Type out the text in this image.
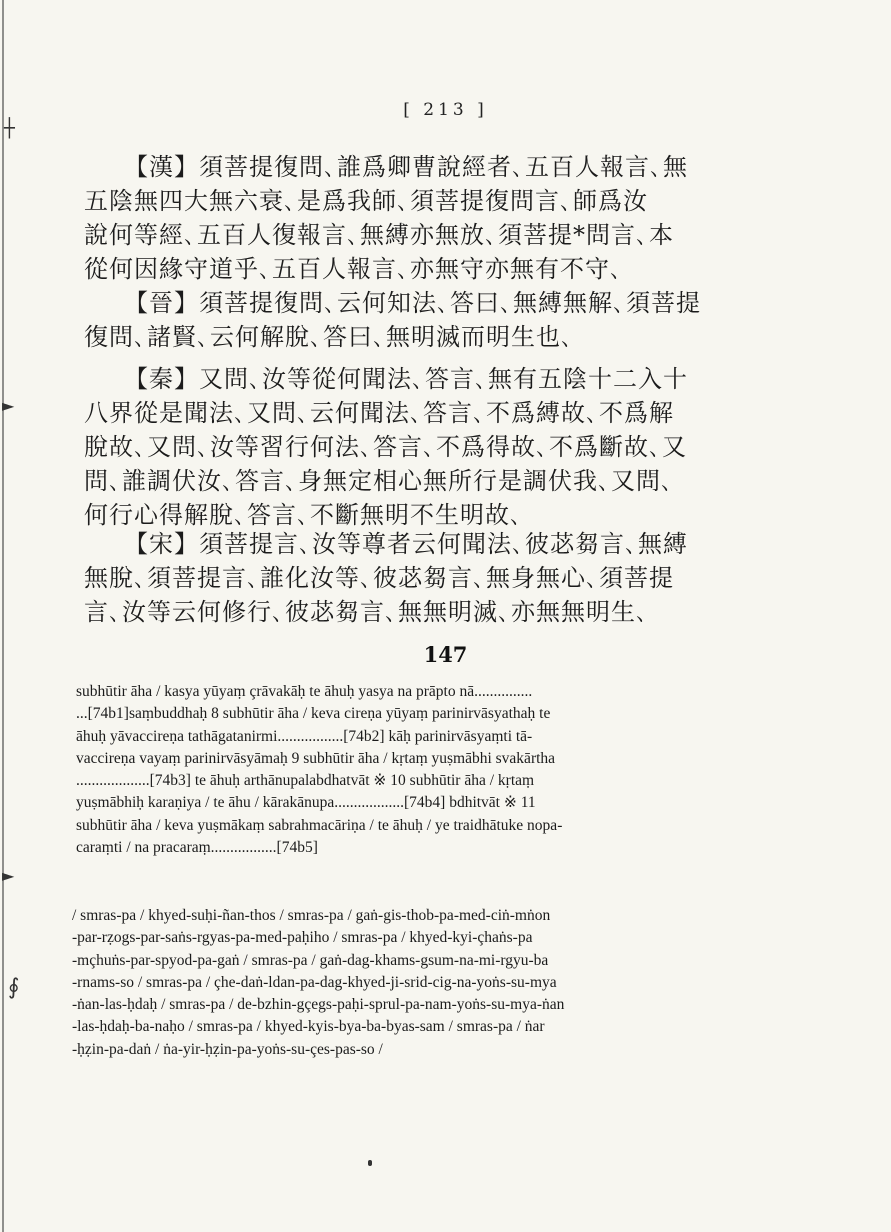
[ 213 ]
【漢】須菩提復問､誰爲卿曹說經者､五百人報言､無
五陰無四大無六衰､是爲我師､須菩提復問言､師爲汝
說何等經､五百人復報言､無縛亦無放､須菩提*問言､本
從何因緣守道乎､五百人報言､亦無守亦無有不守､
【晉】須菩提復問､云何知法､答曰､無縛無解､須菩提
復問､諸賢､云何解脫､答曰､無明滅而明生也､
【秦】又問､汝等從何聞法､答言､無有五陰十二入十
八界從是聞法､又問､云何聞法､答言､不爲縛故､不爲解
脫故､又問､汝等習行何法､答言､不爲得故､不爲斷故､又
問､誰調伏汝､答言､身無定相心無所行是調伏我､又問､
何行心得解脫､答言､不斷無明不生明故､
【宋】須菩提言､汝等尊者云何聞法､彼苾芻言､無縛
無脫､須菩提言､誰化汝等､彼苾芻言､無身無心､須菩提
言､汝等云何修行､彼苾芻言､無無明滅､亦無無明生､
147
subhūtir āha / kasya yūyaṃ çrāvakāḥ te āhuḥ yasya na prāpto nā...............
...[74b1]saṃbuddhaḥ 8 subhūtir āha / keva cireṇa yūyaṃ parinirvāsyathaḥ te
āhuḥ yāvaccireṇa tathāgatanirmi.................[74b2] kāḥ parinirvāsyaṃti tā-
vaccireṇa vayaṃ parinirvāsyāmaḥ 9 subhūtir āha / kṛtaṃ yuṣmābhi svakārtha
...................[74b3] te āhuḥ arthānupalabdhatvāt ※ 10 subhūtir āha / kṛtaṃ
yuṣmābhiḥ karaṇiya / te āhu / kārakānupa..................[74b4] bdhitvāt ※ 11
subhūtir āha / keva yuṣmākaṃ sabrahmacāriṇa / te āhuḥ / ye traidhātuke nopa-
caraṃti / na pracaraṃ.................[74b5]
/ smras-pa / khyed-suḥi-ñan-thos / smras-pa / gaṅ-gis-thob-pa-med-ciṅ-mṅon
-par-rẓogs-par-saṅs-rgyas-pa-med-paḥiho / smras-pa / khyed-kyi-çhaṅs-pa
-mçhuṅs-par-spyod-pa-gaṅ / smras-pa / gaṅ-dag-khams-gsum-na-mi-rgyu-ba
-rnams-so / smras-pa / çhe-daṅ-ldan-pa-dag-khyed-ji-srid-cig-na-yoṅs-su-mya
-ṅan-las-ḥdaḥ / smras-pa / de-bzhin-gçegs-paḥi-sprul-pa-nam-yoṅs-su-mya-ṅan
-las-ḥdaḥ-ba-naḥo / smras-pa / khyed-kyis-bya-ba-byas-sam / smras-pa / ṅar
-ḥẓin-pa-daṅ / ṅa-yir-ḥẓin-pa-yoṅs-su-çes-pas-so /
┼
►
►
∮
